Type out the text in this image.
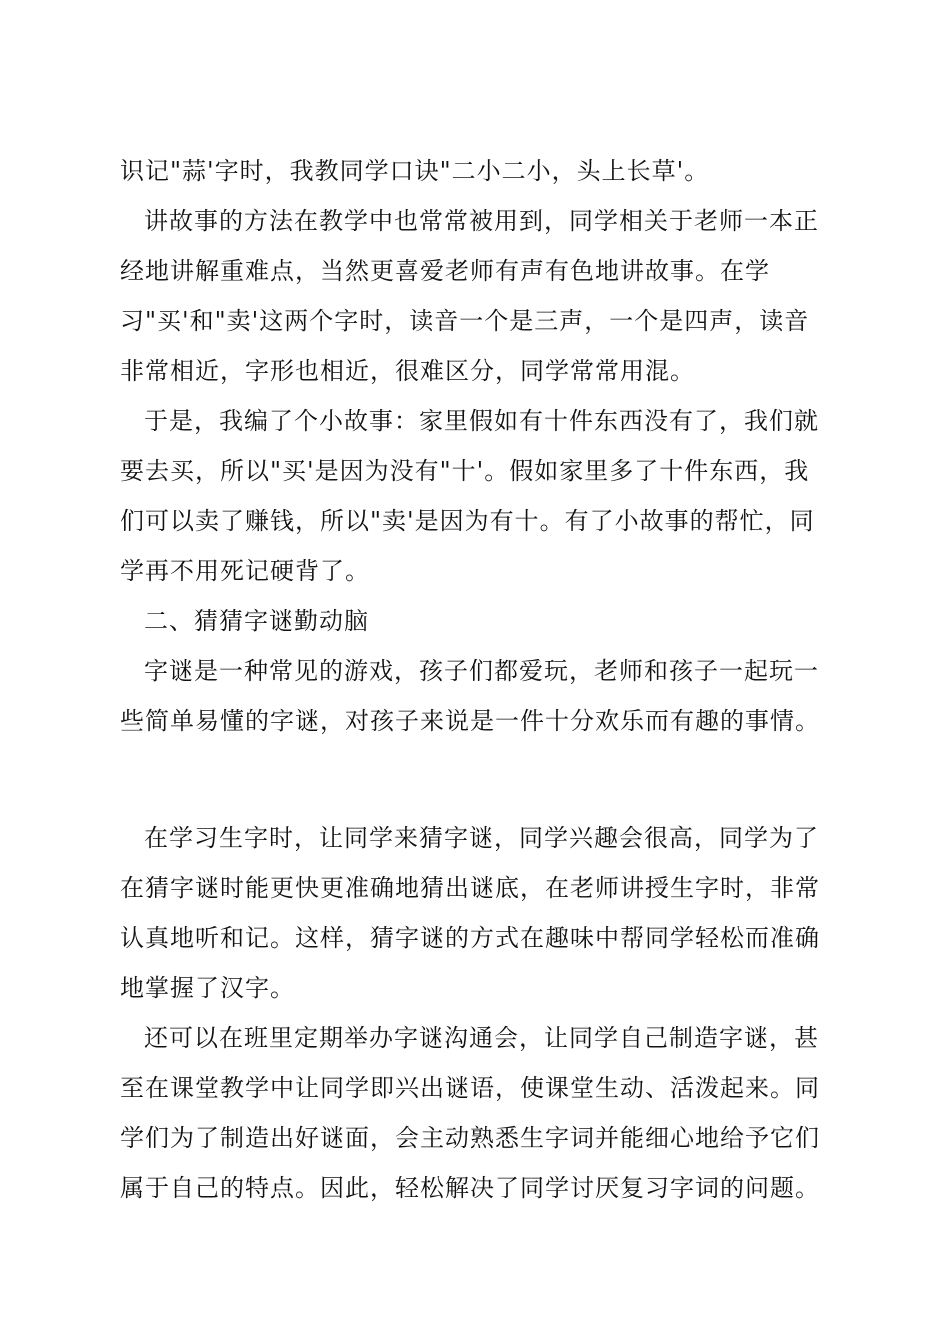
识记"蒜'字时，我教同学口诀"二小二小，头上长草'。
讲故事的方法在教学中也常常被用到，同学相关于老师一本正
经地讲解重难点，当然更喜爱老师有声有色地讲故事。在学
习"买'和"卖'这两个字时，读音一个是三声，一个是四声，读音
非常相近，字形也相近，很难区分，同学常常用混。
于是，我编了个小故事：家里假如有十件东西没有了，我们就
要去买，所以"买'是因为没有"十'。假如家里多了十件东西，我
们可以卖了赚钱，所以"卖'是因为有十。有了小故事的帮忙，同
学再不用死记硬背了。
二、猜猜字谜勤动脑
字谜是一种常见的游戏，孩子们都爱玩，老师和孩子一起玩一
些简单易懂的字谜，对孩子来说是一件十分欢乐而有趣的事情。
在学习生字时，让同学来猜字谜，同学兴趣会很高，同学为了
在猜字谜时能更快更准确地猜出谜底，在老师讲授生字时，非常
认真地听和记。这样，猜字谜的方式在趣味中帮同学轻松而准确
地掌握了汉字。
还可以在班里定期举办字谜沟通会，让同学自己制造字谜，甚
至在课堂教学中让同学即兴出谜语，使课堂生动、活泼起来。同
学们为了制造出好谜面，会主动熟悉生字词并能细心地给予它们
属于自己的特点。因此，轻松解决了同学讨厌复习字词的问题。
